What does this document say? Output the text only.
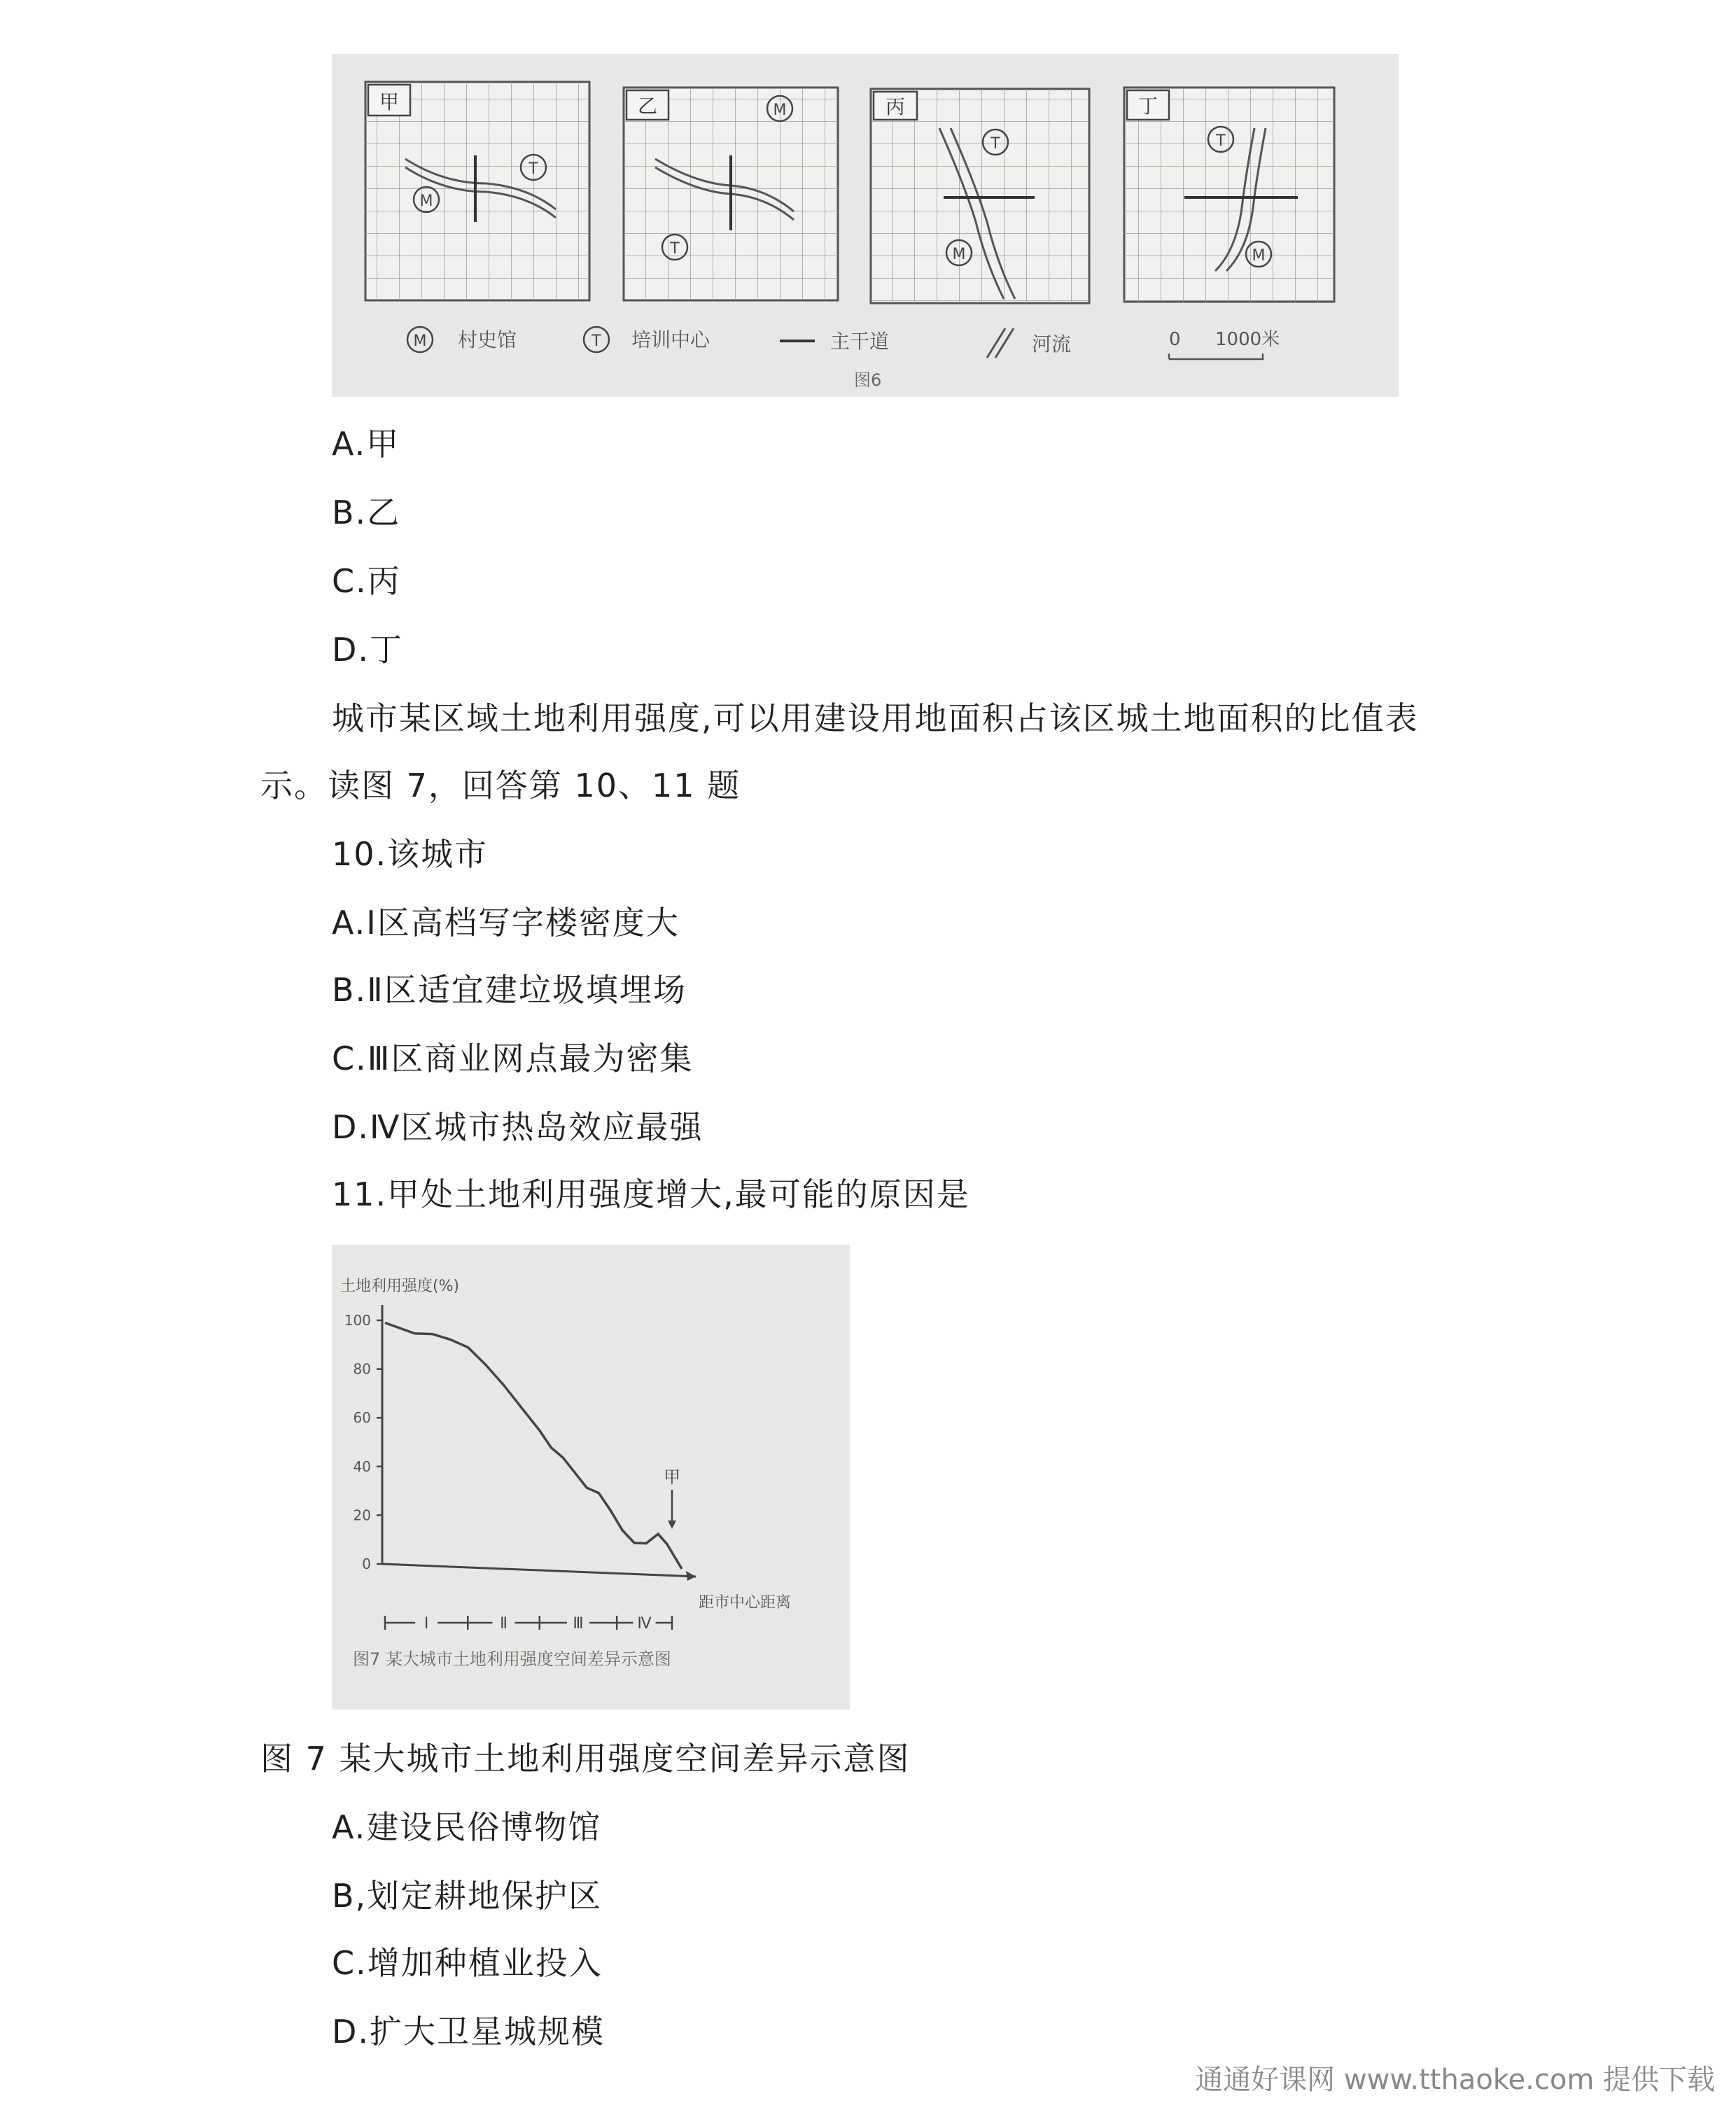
甲
M
T
乙	M
T
丙
T
M
丁
T
M
M 村史馆	T 培训中心	主干道	河流	0 1000米
图6
A.甲
B.乙
C.丙
D.丁
城市某区域土地利用强度,可以用建设用地面积占该区城土地面积的比值表
示。读图 7，回答第 10、11 题
10.该城市
A.Ⅰ区高档写字楼密度大
B.Ⅱ区适宜建垃圾填埋场
C.Ⅲ区商业网点最为密集
D.Ⅳ区城市热岛效应最强
11.甲处土地利用强度增大,最可能的原因是
土地利用强度(%)
100
80
60
40
20
0
距市中心距离
甲
Ⅰ	Ⅱ	Ⅲ	Ⅳ
图7 某大城市土地利用强度空间差异示意图
图 7 某大城市土地利用强度空间差异示意图
A.建设民俗博物馆
B,划定耕地保护区
C.增加种植业投入
D.扩大卫星城规模
通通好课网 www.tthaoke.com 提供下载
